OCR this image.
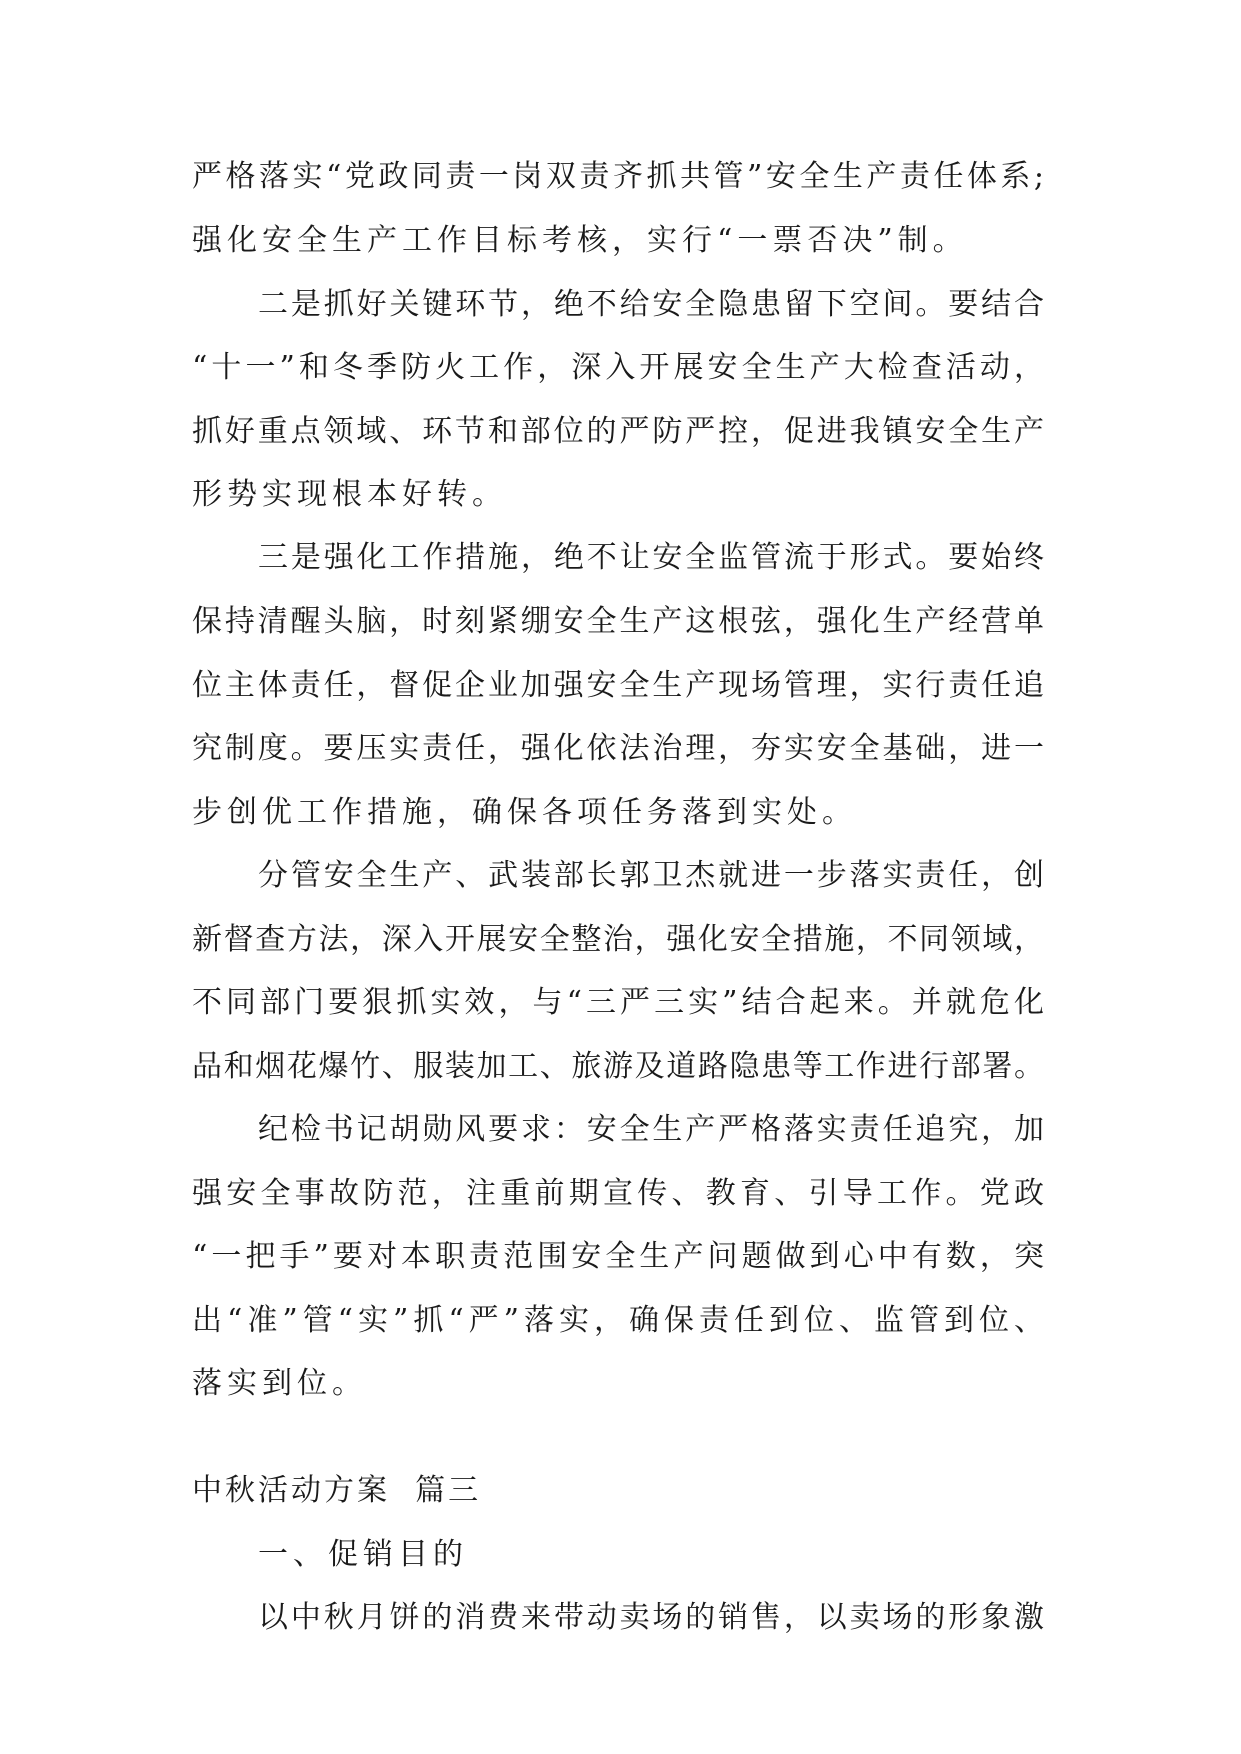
严格落实“党政同责一岗双责齐抓共管”安全生产责任体系;
强化安全生产工作目标考核，实行“一票否决”制。
二是抓好关键环节，绝不给安全隐患留下空间。要结合
“十一”和冬季防火工作，深入开展安全生产大检查活动，
抓好重点领域、环节和部位的严防严控，促进我镇安全生产
形势实现根本好转。
三是强化工作措施，绝不让安全监管流于形式。要始终
保持清醒头脑，时刻紧绷安全生产这根弦，强化生产经营单
位主体责任，督促企业加强安全生产现场管理，实行责任追
究制度。要压实责任，强化依法治理，夯实安全基础，进一
步创优工作措施，确保各项任务落到实处。
分管安全生产、武装部长郭卫杰就进一步落实责任，创
新督查方法，深入开展安全整治，强化安全措施，不同领域，
不同部门要狠抓实效，与“三严三实”结合起来。并就危化
品和烟花爆竹、服装加工、旅游及道路隐患等工作进行部署。
纪检书记胡勋风要求：安全生产严格落实责任追究，加
强安全事故防范，注重前期宣传、教育、引导工作。党政
“一把手”要对本职责范围安全生产问题做到心中有数，突
出“准”管“实”抓“严”落实，确保责任到位、监管到位、
落实到位。
中秋活动方案  篇三
一、促销目的
以中秋月饼的消费来带动卖场的销售，以卖场的形象激
